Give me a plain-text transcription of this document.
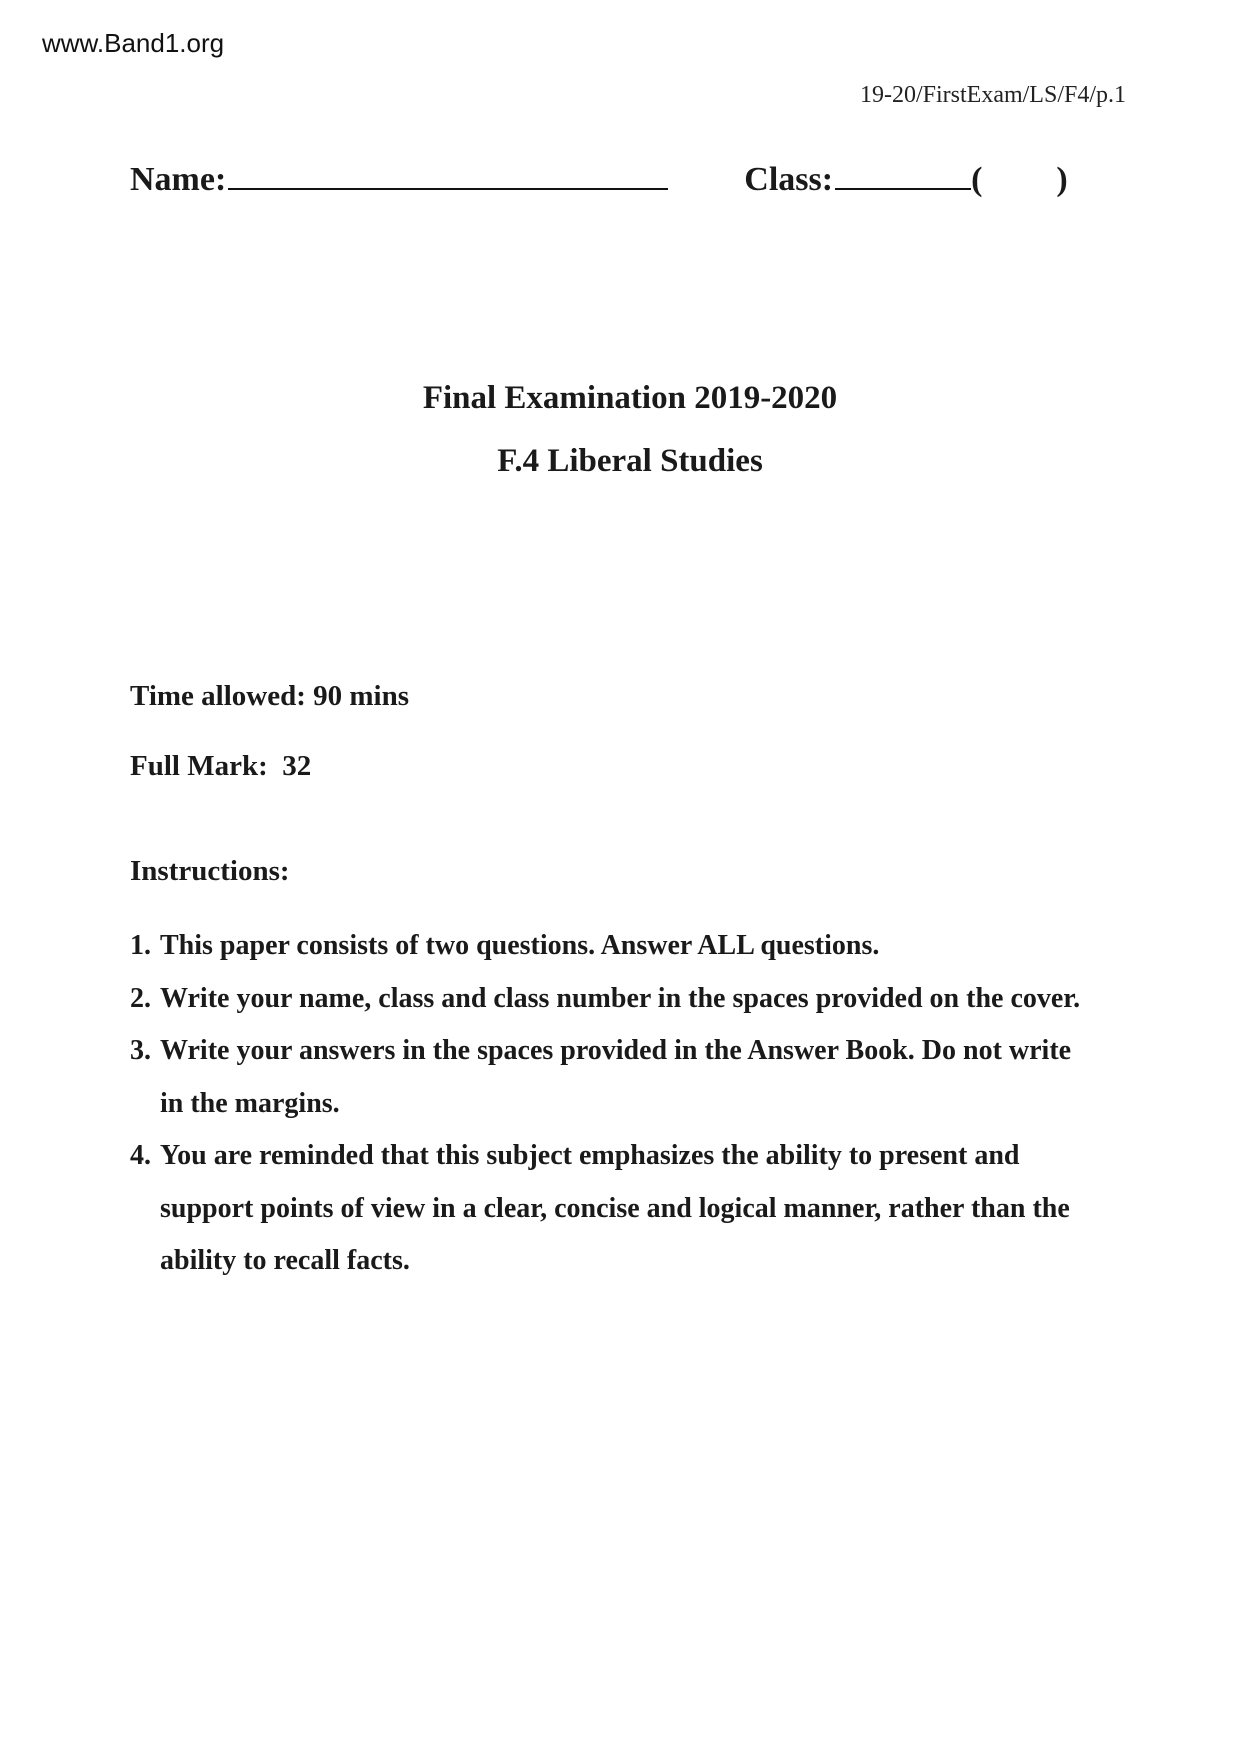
www.Band1.org
19-20/FirstExam/LS/F4/p.1
Name:	Class:	( )
Final Examination 2019-2020
F.4 Liberal Studies
Time allowed: 90 mins
Full Mark:  32
Instructions:
1. This paper consists of two questions. Answer ALL questions.
2. Write your name, class and class number in the spaces provided on the cover.
3. Write your answers in the spaces provided in the Answer Book. Do not write in the margins.
4. You are reminded that this subject emphasizes the ability to present and support points of view in a clear, concise and logical manner, rather than the ability to recall facts.
